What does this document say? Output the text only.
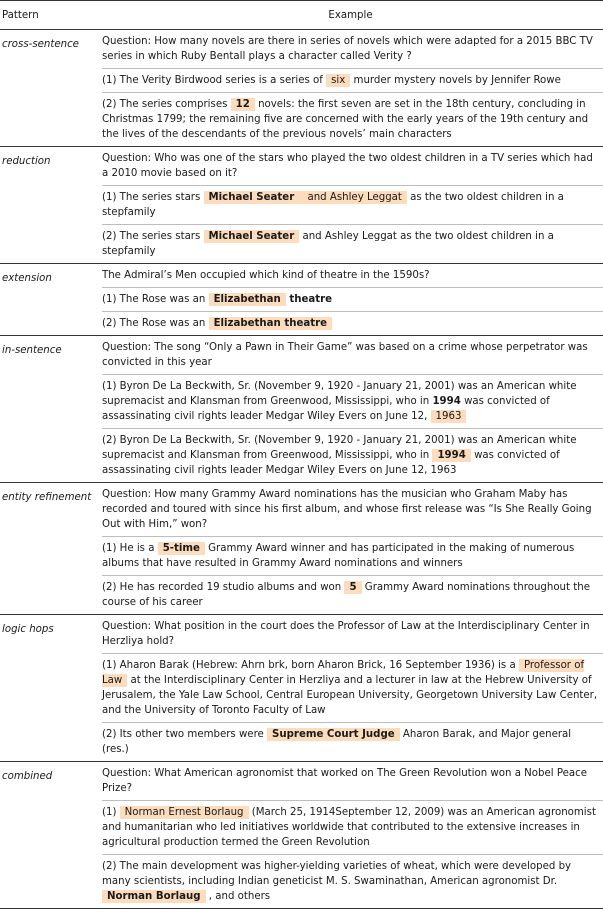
Pattern	Example
cross-sentence	Question: How many novels are there in series of novels which were adapted for a 2015 BBC TV series in which Ruby Bentall plays a character called Verity ?
(1) The Verity Birdwood series is a series of six murder mystery novels by Jennifer Rowe
(2) The series comprises 12 novels: the first seven are set in the 18th century, concluding in Christmas 1799; the remaining five are concerned with the early years of the 19th century and the lives of the descendants of the previous novels’ main characters

reduction	Question: Who was one of the stars who played the two oldest children in a TV series which had a 2010 movie based on it?
(1) The series stars Michael Seater and Ashley Leggat as the two oldest children in a stepfamily
(2) The series stars Michael Seater and Ashley Leggat as the two oldest children in a stepfamily

extension	The Admiral’s Men occupied which kind of theatre in the 1590s?
(1) The Rose was an Elizabethan theatre
(2) The Rose was an Elizabethan theatre

in-sentence	Question: The song “Only a Pawn in Their Game” was based on a crime whose perpetrator was convicted in this year
(1) Byron De La Beckwith, Sr. (November 9, 1920 - January 21, 2001) was an American white supremacist and Klansman from Greenwood, Mississippi, who in 1994 was convicted of assassinating civil rights leader Medgar Wiley Evers on June 12, 1963
(2) Byron De La Beckwith, Sr. (November 9, 1920 - January 21, 2001) was an American white supremacist and Klansman from Greenwood, Mississippi, who in 1994 was convicted of assassinating civil rights leader Medgar Wiley Evers on June 12, 1963

entity refinement	Question: How many Grammy Award nominations has the musician who Graham Maby has recorded and toured with since his first album, and whose first release was “Is She Really Going Out with Him,” won?
(1) He is a 5-time Grammy Award winner and has participated in the making of numerous albums that have resulted in Grammy Award nominations and winners
(2) He has recorded 19 studio albums and won 5 Grammy Award nominations throughout the course of his career

logic hops	Question: What position in the court does the Professor of Law at the Interdisciplinary Center in Herzliya hold?
(1) Aharon Barak (Hebrew: Ahrn brk, born Aharon Brick, 16 September 1936) is a Professor of Law at the Interdisciplinary Center in Herzliya and a lecturer in law at the Hebrew University of Jerusalem, the Yale Law School, Central European University, Georgetown University Law Center, and the University of Toronto Faculty of Law
(2) Its other two members were Supreme Court Judge Aharon Barak, and Major general (res.)

combined	Question: What American agronomist that worked on The Green Revolution won a Nobel Peace Prize?
(1) Norman Ernest Borlaug (March 25, 1914September 12, 2009) was an American agronomist and humanitarian who led initiatives worldwide that contributed to the extensive increases in agricultural production termed the Green Revolution
(2) The main development was higher-yielding varieties of wheat, which were developed by many scientists, including Indian geneticist M. S. Swaminathan, American agronomist Dr. Norman Borlaug , and others
